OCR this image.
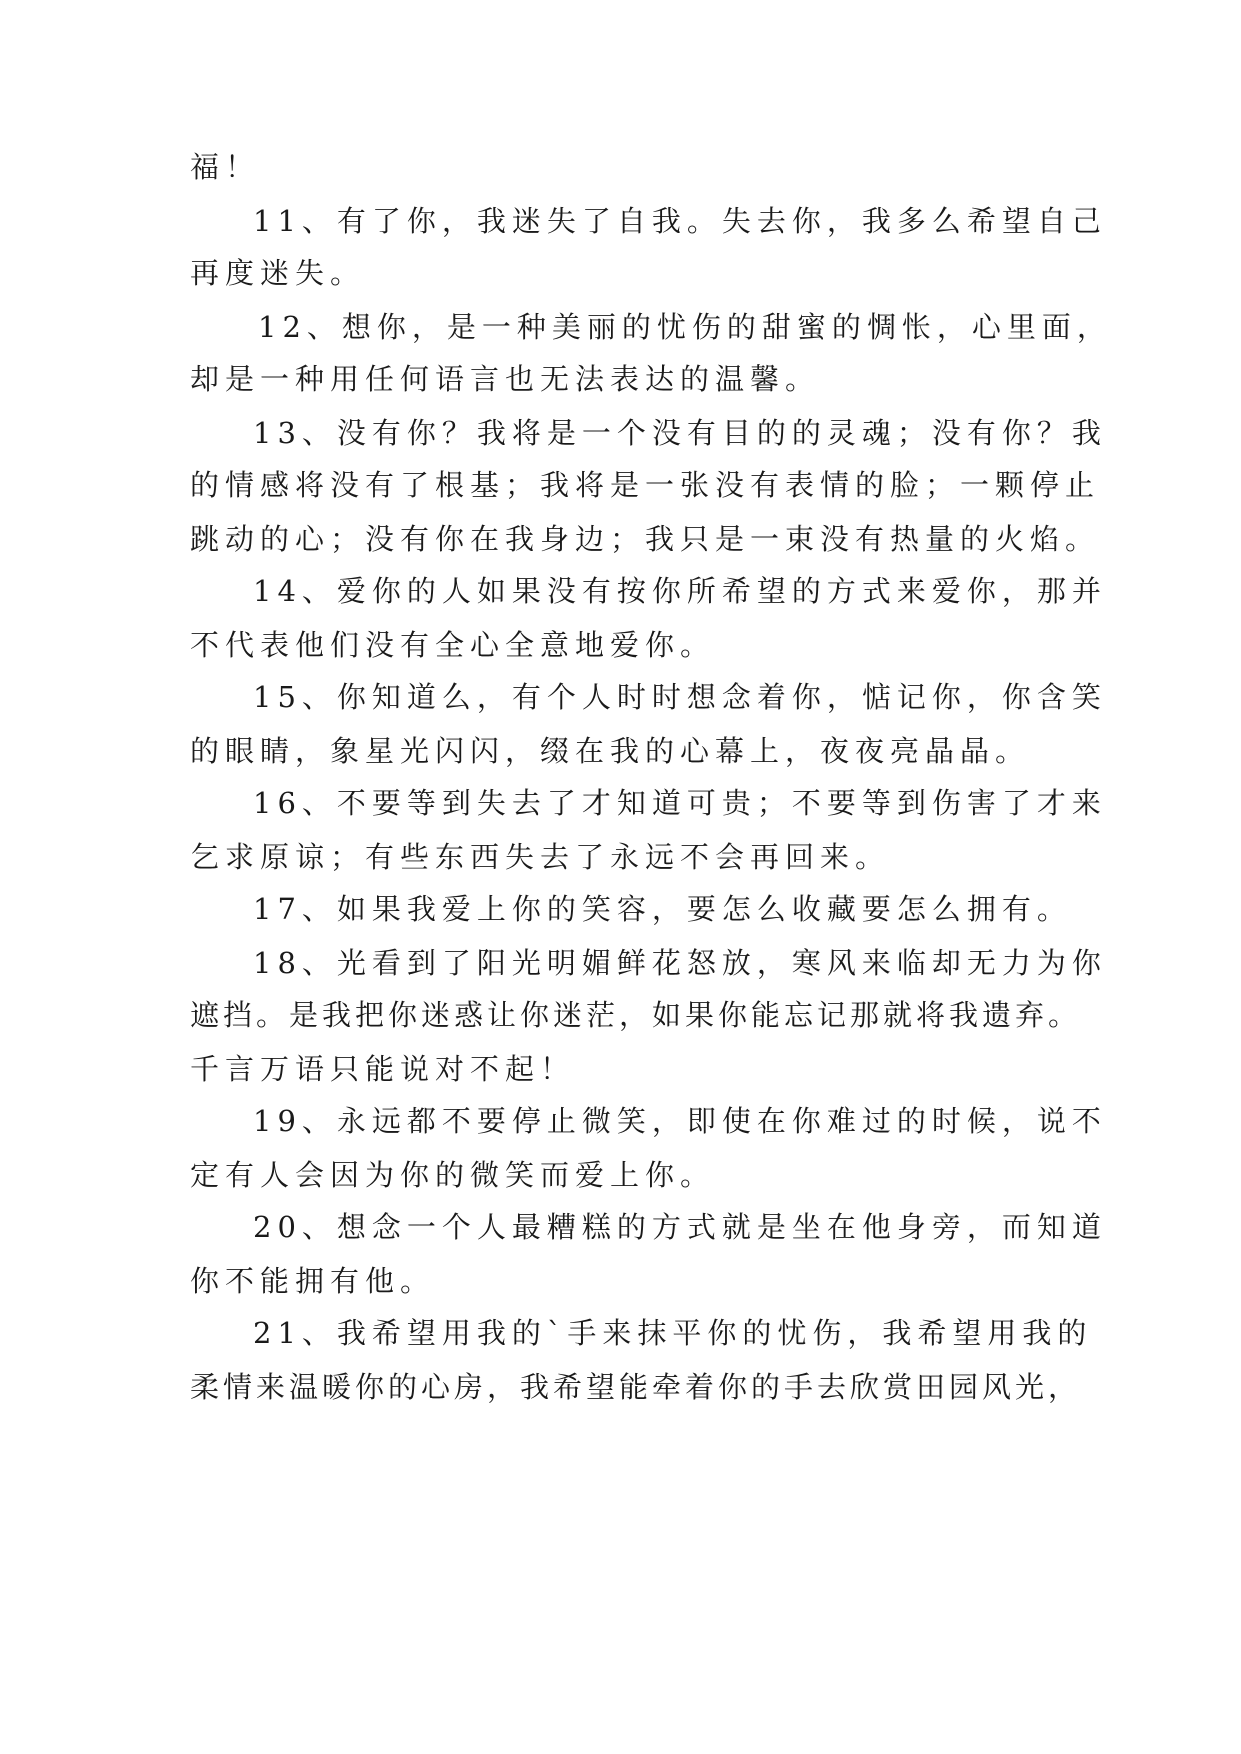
福！
11、有了你，我迷失了自我。失去你，我多么希望自己
再度迷失。
12、想你，是一种美丽的忧伤的甜蜜的惆怅，心里面，
却是一种用任何语言也无法表达的温馨。
13、没有你？我将是一个没有目的的灵魂；没有你？我
的情感将没有了根基；我将是一张没有表情的脸；一颗停止
跳动的心；没有你在我身边；我只是一束没有热量的火焰。
14、爱你的人如果没有按你所希望的方式来爱你，那并
不代表他们没有全心全意地爱你。
15、你知道么，有个人时时想念着你，惦记你，你含笑
的眼睛，象星光闪闪，缀在我的心幕上，夜夜亮晶晶。
16、不要等到失去了才知道可贵；不要等到伤害了才来
乞求原谅；有些东西失去了永远不会再回来。
17、如果我爱上你的笑容，要怎么收藏要怎么拥有。
18、光看到了阳光明媚鲜花怒放，寒风来临却无力为你
遮挡。是我把你迷惑让你迷茫，如果你能忘记那就将我遗弃。
千言万语只能说对不起！
19、永远都不要停止微笑，即使在你难过的时候，说不
定有人会因为你的微笑而爱上你。
20、想念一个人最糟糕的方式就是坐在他身旁，而知道
你不能拥有他。
21、我希望用我的`手来抹平你的忧伤，我希望用我的
柔情来温暖你的心房，我希望能牵着你的手去欣赏田园风光，
